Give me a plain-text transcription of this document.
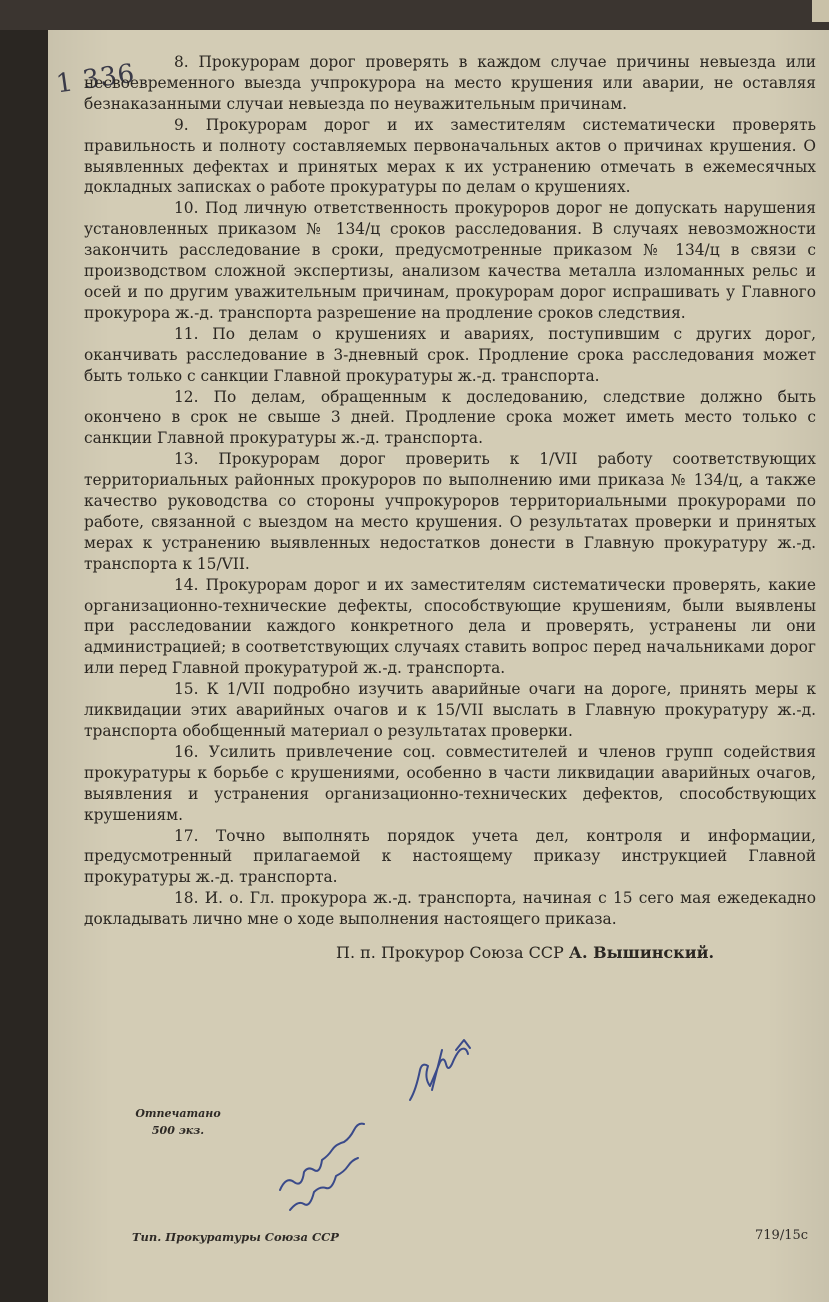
1 336	8. Прокурорам дорог проверять в каждом случае причины невыезда или несвоевременного выезда учпрокурора на место крушения или аварии, не оставляя безнаказанными случаи невыезда по неуважительным причинам.

9. Прокурорам дорог и их заместителям систематически проверять правильность и полноту составляемых первоначальных актов о причинах крушения. О выявленных дефектах и принятых мерах к их устранению отмечать в ежемесячных докладных записках о работе прокуратуры по делам о крушениях.

10. Под личную ответственность прокуроров дорог не допускать нарушения установленных приказом № 134/ц сроков расследования. В случаях невозможности закончить расследование в сроки, предусмотренные приказом № 134/ц в связи с производством сложной экспертизы, анализом качества металла изломанных рельс и осей и по другим уважительным причинам, прокурорам дорог испрашивать у Главного прокурора ж.-д. транспорта разрешение на продление сроков следствия.

11. По делам о крушениях и авариях, поступившим с других дорог, оканчивать расследование в 3-дневный срок. Продление срока расследования может быть только с санкции Главной прокуратуры ж.-д. транспорта.

12. По делам, обращенным к доследованию, следствие должно быть окончено в срок не свыше 3 дней. Продление срока может иметь место только с санкции Главной прокуратуры ж.-д. транспорта.

13. Прокурорам дорог проверить к 1/VII работу соответствующих территориальных районных прокуроров по выполнению ими приказа № 134/ц, а также качество руководства со стороны учпрокуроров территориальными прокурорами по работе, связанной с выездом на место крушения. О результатах проверки и принятых мерах к устранению выявленных недостатков донести в Главную прокуратуру ж.-д. транспорта к 15/VII.

14. Прокурорам дорог и их заместителям систематически проверять, какие организационно-технические дефекты, способствующие крушениям, были выявлены при расследовании каждого конкретного дела и проверять, устранены ли они администрацией; в соответствующих случаях ставить вопрос перед начальниками дорог или перед Главной прокуратурой ж.-д. транспорта.

15. К 1/VII подробно изучить аварийные очаги на дороге, принять меры к ликвидации этих аварийных очагов и к 15/VII выслать в Главную прокуратуру ж.-д. транспорта обобщенный материал о результатах проверки.

16. Усилить привлечение соц. совместителей и членов групп содействия прокуратуры к борьбе с крушениями, особенно в части ликвидации аварийных очагов, выявления и устранения организационно-технических дефектов, способствующих крушениям.

17. Точно выполнять порядок учета дел, контроля и информации, предусмотренный прилагаемой к настоящему приказу инструкцией Главной прокуратуры ж.-д. транспорта.

18. И. о. Гл. прокурора ж.-д. транспорта, начиная с 15 сего мая ежедекадно докладывать лично мне о ходе выполнения настоящего приказа.

П. п. Прокурор Союза ССР А. Вышинский.
Отпечатано
500 экз.
Тип. Прокуратуры Союза ССР	719/15с
